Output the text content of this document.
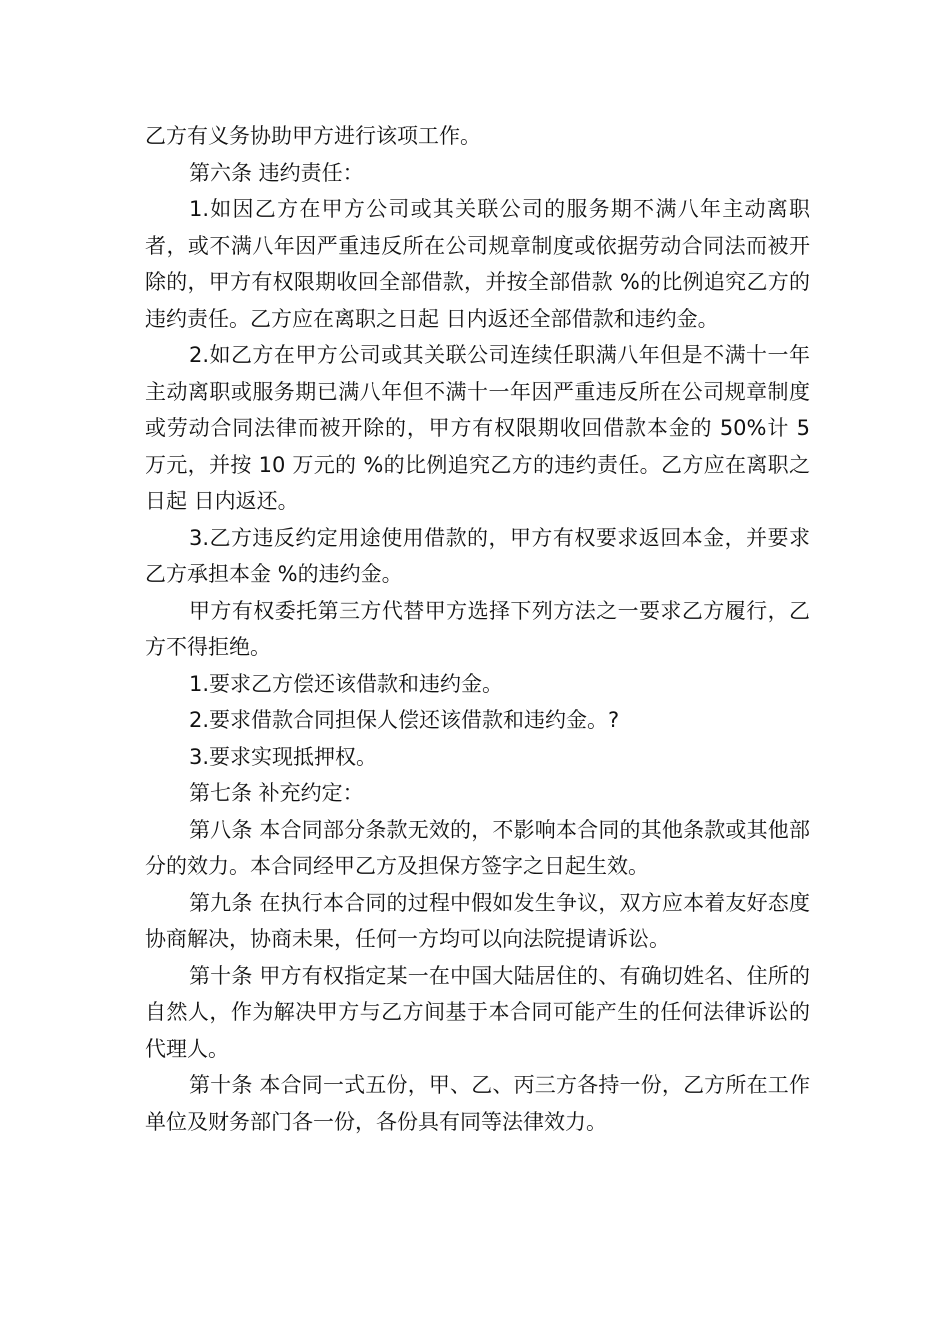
乙方有义务协助甲方进行该项工作。

第六条 违约责任：

1.如因乙方在甲方公司或其关联公司的服务期不满八年主动离职者，或不满八年因严重违反所在公司规章制度或依据劳动合同法而被开除的，甲方有权限期收回全部借款，并按全部借款 %的比例追究乙方的违约责任。乙方应在离职之日起 日内返还全部借款和违约金。

2.如乙方在甲方公司或其关联公司连续任职满八年但是不满十一年主动离职或服务期已满八年但不满十一年因严重违反所在公司规章制度或劳动合同法律而被开除的，甲方有权限期收回借款本金的 50%计 5 万元，并按 10 万元的 %的比例追究乙方的违约责任。乙方应在离职之日起 日内返还。

3.乙方违反约定用途使用借款的，甲方有权要求返回本金，并要求乙方承担本金 %的违约金。

甲方有权委托第三方代替甲方选择下列方法之一要求乙方履行，乙方不得拒绝。

1.要求乙方偿还该借款和违约金。

2.要求借款合同担保人偿还该借款和违约金。?

3.要求实现抵押权。

第七条 补充约定：

第八条 本合同部分条款无效的，不影响本合同的其他条款或其他部分的效力。本合同经甲乙方及担保方签字之日起生效。

第九条 在执行本合同的过程中假如发生争议，双方应本着友好态度协商解决，协商未果，任何一方均可以向法院提请诉讼。

第十条 甲方有权指定某一在中国大陆居住的、有确切姓名、住所的自然人，作为解决甲方与乙方间基于本合同可能产生的任何法律诉讼的代理人。

第十条 本合同一式五份，甲、乙、丙三方各持一份，乙方所在工作单位及财务部门各一份，各份具有同等法律效力。
